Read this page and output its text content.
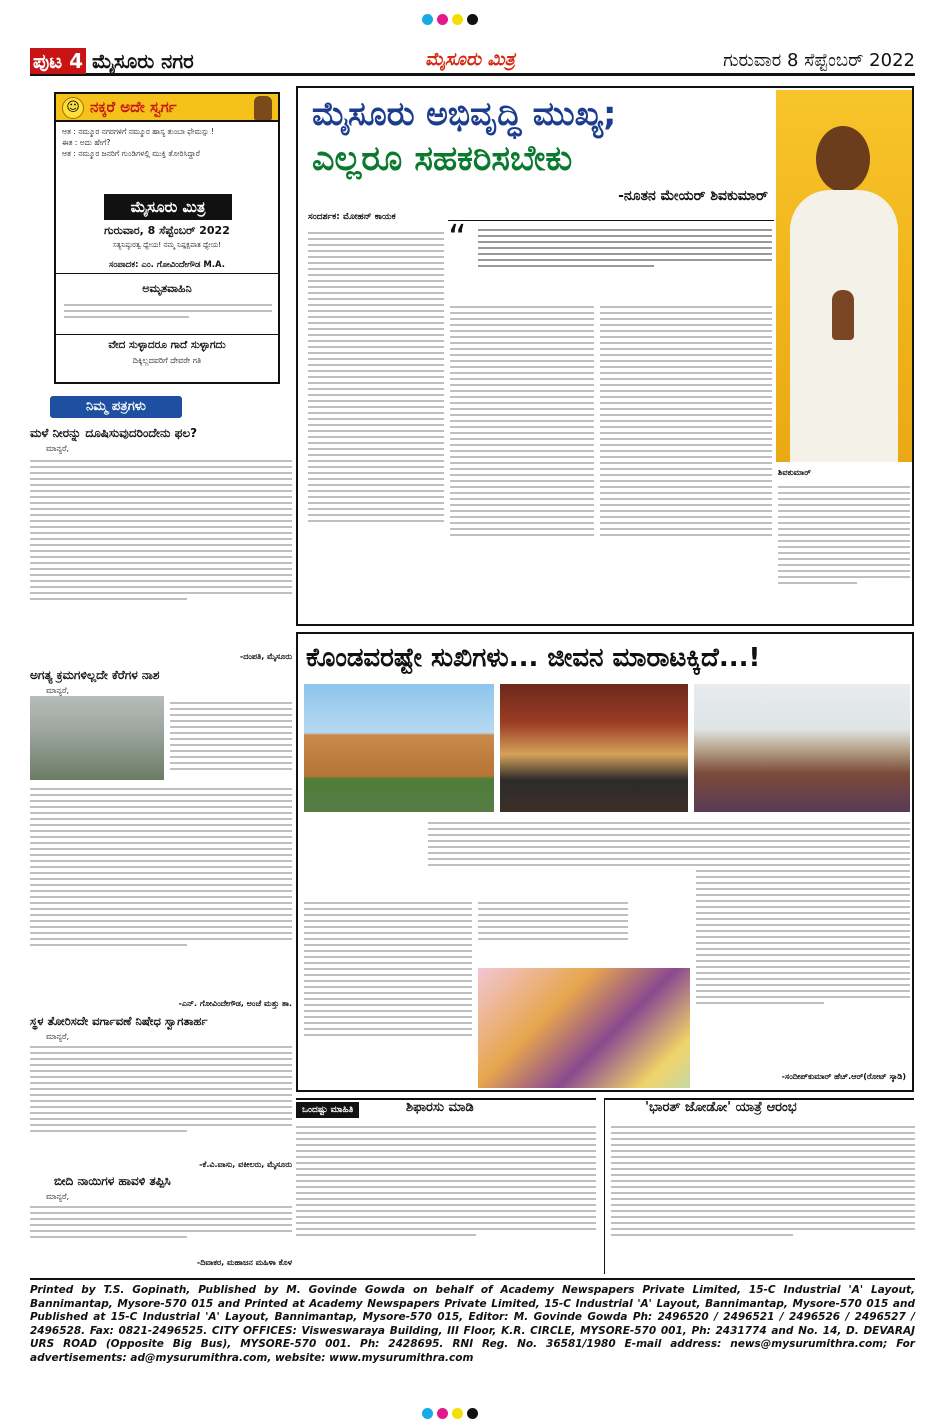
ಪುಟ 4 ಮೈಸೂರು ನಗರ	ಮೈಸೂರು ಮಿತ್ರ	ಗುರುವಾರ 8 ಸೆಪ್ಟೆಂಬರ್ 2022
☺ ನಕ್ಕರೆ ಅದೇ ಸ್ವರ್ಗ
ಆತ : ನಮ್ಮೂರ ನಗರಗಳಿಗೆ ನಮ್ಮೂರ ಹಾಸ್ಯ ತುಂಬಾ ಫೇಮಸ್ಸು !
ಈತ : ಅದು ಹೇಗೆ?
ಆತ : ನಮ್ಮೂರ ಜನರಿಗೆ ಗುಂಡಿಗಳಲ್ಲಿ ಮುಕ್ತಿ ತೋರಿಸಿದ್ದಾರೆ
ಮೈಸೂರು ಮಿತ್ರ
ಗುರುವಾರ, 8 ಸೆಪ್ಟೆಂಬರ್ 2022
ಸತ್ಯನಿಷ್ಠುರತ್ವ ಧ್ಯೇಯ! ನಮ್ಮ ನಿಷ್ಪಕ್ಷಪಾತ ಧ್ಯೇಯ!
ಸಂಪಾದಕ: ಎಂ. ಗೋವಿಂದೇಗೌಡ M.A.
ಅಮೃತವಾಹಿನಿ
ವೇದ ಸುಳ್ಳಾದರೂ ಗಾದೆ ಸುಳ್ಳಾಗದು
ದಿಕ್ಕಿಲ್ಲದವರಿಗೆ ದೇವರೇ ಗತಿ
ನಿಮ್ಮ ಪತ್ರಗಳು
ಮಳೆ ನೀರನ್ನು ದೂಷಿಸುವುದರಿಂದೇನು ಫಲ?
ಮಾನ್ಯರೆ,
-ದಂಪತಿ, ಮೈಸೂರು
ಅಗತ್ಯ ಕ್ರಮಗಳಿಲ್ಲದೇ ಕೆರೆಗಳ ನಾಶ
ಮಾನ್ಯರೆ,
-ಎನ್. ಗೋವಿಂದೇಗೌಡ, ಅಂಚೆ ಮತ್ತು ತಾ.
ಸ್ಥಳ ತೋರಿಸದೇ ವರ್ಗಾವಣೆ ನಿಷೇಧ ಸ್ವಾಗತಾರ್ಹ
ಮಾನ್ಯರೆ,
-ಕೆ.ವಿ.ವಾಸು, ವಕೀಲರು, ಮೈಸೂರು
ಬೀದಿ ನಾಯಿಗಳ ಹಾವಳಿ ತಪ್ಪಿಸಿ
ಮಾನ್ಯರೆ,
-ದಿವಾಕರ, ಮಹಾಜನ ಮಹಿಳಾ ಕೊಳ
ಮೈಸೂರು ಅಭಿವೃದ್ಧಿ ಮುಖ್ಯ;
ಎಲ್ಲರೂ ಸಹಕರಿಸಬೇಕು
-ನೂತನ ಮೇಯರ್ ಶಿವಕುಮಾರ್
ಸಂದರ್ಶಕ: ಮೋಹನ್ ಕಾಯಕ
“
ಶಿವಕುಮಾರ್
ಕೊಂಡವರಷ್ಟೇ ಸುಖಿಗಳು... ಜೀವನ ಮಾರಾಟಕ್ಕಿದೆ...!
-ಸಂದೀಪ್‌ಕುಮಾರ್ ಹೆಚ್.ಆರ್(ರೋಟ್ ಸ್ಕಾಡಿ)
ಒಂದಷ್ಟು ಮಾಹಿತಿ	ಶಿಫಾರಸು ಮಾಡಿ	'ಭಾರತ್ ಜೋಡೋ' ಯಾತ್ರೆ ಆರಂಭ
Printed by T.S. Gopinath, Published by M. Govinde Gowda on behalf of Academy Newspapers Private Limited, 15-C Industrial 'A' Layout, Bannimantap, Mysore-570 015 and Printed at Academy Newspapers Private Limited, 15-C Industrial 'A' Layout, Bannimantap, Mysore-570 015 and Published at 15-C Industrial 'A' Layout, Bannimantap, Mysore-570 015, Editor: M. Govinde Gowda Ph: 2496520 / 2496521 / 2496526 / 2496527 / 2496528. Fax: 0821-2496525. CITY OFFICES: Visweswaraya Building, III Floor, K.R. CIRCLE, MYSORE-570 001, Ph: 2431774 and No. 14, D. DEVARAJ URS ROAD (Opposite Big Bus), MYSORE-570 001. Ph: 2428695. RNI Reg. No. 36581/1980 E-mail address: news@mysurumithra.com; For advertisements: ad@mysurumithra.com, website: www.mysurumithra.com
